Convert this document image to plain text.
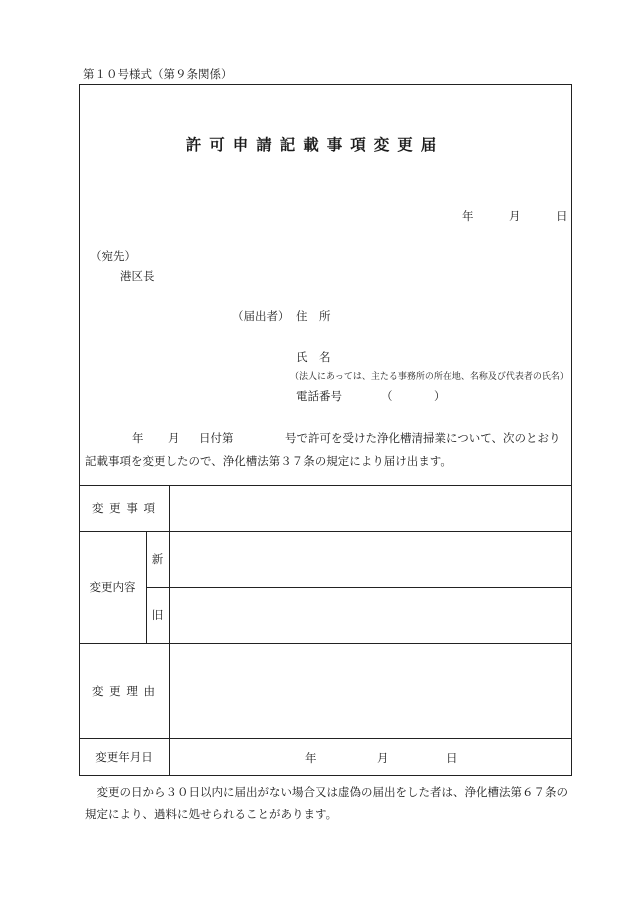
第１０号様式（第９条関係）
許可申請記載事項変更届
年	月	日
（宛先）
港区長
（届出者） 住　所
氏　名
（法人にあっては、主たる事務所の所在地、名称及び代表者の氏名）
電話番号	（	）
年 月 日付第	号で許可を受けた浄化槽清掃業について、次のとおり
記載事項を変更したので、浄化槽法第３７条の規定により届け出ます。
変 更 事 項
変更内容
新
旧
変 更 理 由
変更年月日	年	月	日
　変更の日から３０日以内に届出がない場合又は虚偽の届出をした者は、浄化槽法第６７条の規定により、過料に処せられることがあります。
